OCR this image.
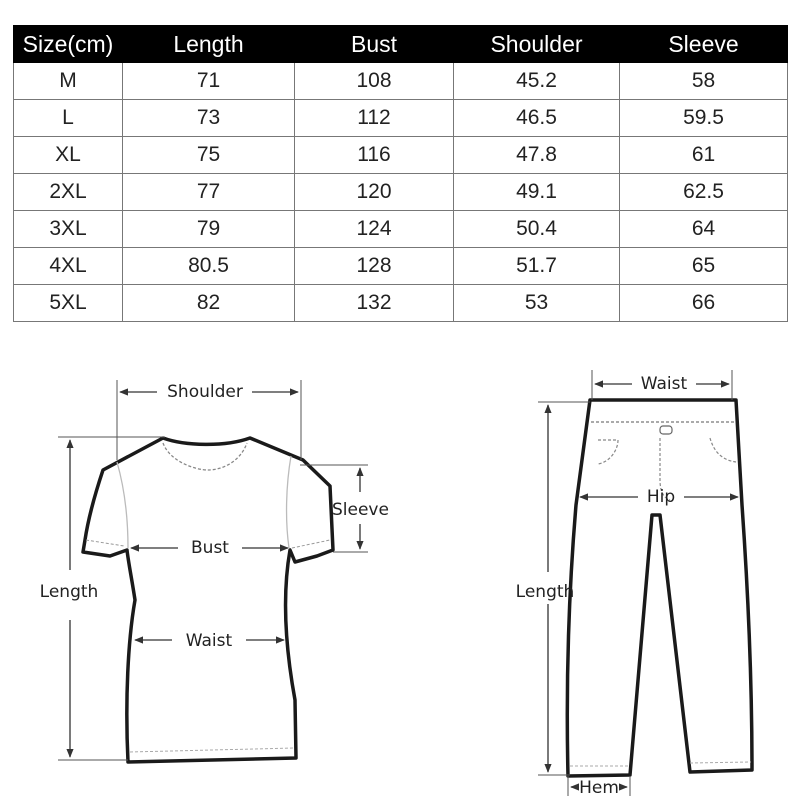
Size(cm)	Length	Bust	Shoulder	Sleeve
M	71	108	45.2	58
L	73	112	46.5	59.5
XL	75	116	47.8	61
2XL	77	120	49.1	62.5
3XL	79	124	50.4	64
4XL	80.5	128	51.7	65
5XL	82	132	53	66
Shoulder
Sleeve
Bust
Waist
Length
Waist
Hip
Length
Hem
